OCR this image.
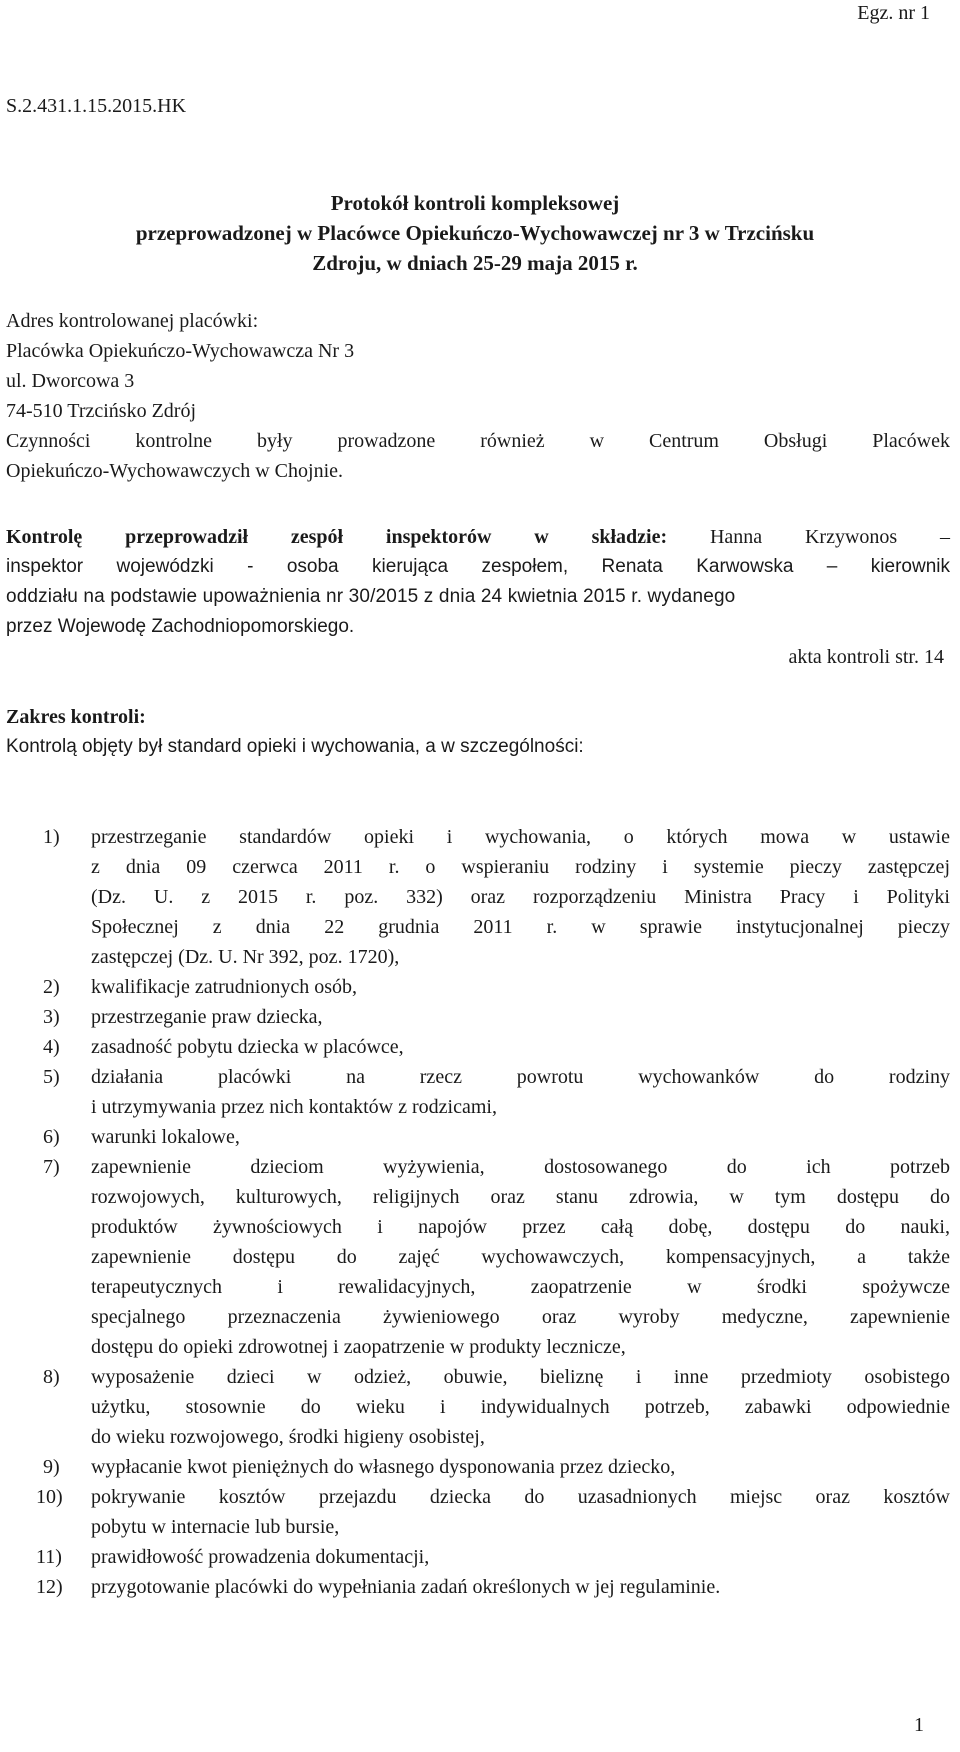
Egz. nr 1
S.2.431.1.15.2015.HK
Protokół kontroli kompleksowej
przeprowadzonej w Placówce Opiekuńczo-Wychowawczej nr 3 w Trzcińsku
Zdroju, w dniach 25-29 maja 2015 r.
Adres kontrolowanej placówki:
Placówka Opiekuńczo-Wychowawcza Nr 3
ul. Dworcowa 3
74-510 Trzcińsko Zdrój
Czynności kontrolne były prowadzone również w Centrum Obsługi Placówek
Opiekuńczo-Wychowawczych w Chojnie.
Kontrolę przeprowadził zespół inspektorów w składzie: Hanna Krzywonos –
inspektor wojewódzki - osoba kierująca zespołem, Renata Karwowska – kierownik
oddziału na podstawie upoważnienia nr 30/2015 z dnia 24 kwietnia 2015 r. wydanego
przez Wojewodę Zachodniopomorskiego.
akta kontroli str. 14
Zakres kontroli:
Kontrolą objęty był standard opieki i wychowania, a w szczególności:
1)	przestrzeganie standardów opieki i wychowania, o których mowa w ustawie
z dnia 09 czerwca 2011 r. o wspieraniu rodziny i systemie pieczy zastępczej
(Dz. U. z 2015 r. poz. 332) oraz rozporządzeniu Ministra Pracy i Polityki
Społecznej z dnia 22 grudnia 2011 r. w sprawie instytucjonalnej pieczy
zastępczej (Dz. U. Nr 392, poz. 1720),
2)	kwalifikacje zatrudnionych osób,
3)	przestrzeganie praw dziecka,
4)	zasadność pobytu dziecka w placówce,
5)	działania placówki na rzecz powrotu wychowanków do rodziny
i utrzymywania przez nich kontaktów z rodzicami,
6)	warunki lokalowe,
7)	zapewnienie dzieciom wyżywienia, dostosowanego do ich potrzeb
rozwojowych, kulturowych, religijnych oraz stanu zdrowia, w tym dostępu do
produktów żywnościowych i napojów przez całą dobę, dostępu do nauki,
zapewnienie dostępu do zajęć wychowawczych, kompensacyjnych, a także
terapeutycznych i rewalidacyjnych, zaopatrzenie w środki spożywcze
specjalnego przeznaczenia żywieniowego oraz wyroby medyczne, zapewnienie
dostępu do opieki zdrowotnej i zaopatrzenie w produkty lecznicze,
8)	wyposażenie dzieci w odzież, obuwie, bieliznę i inne przedmioty osobistego
użytku, stosownie do wieku i indywidualnych potrzeb, zabawki odpowiednie
do wieku rozwojowego, środki higieny osobistej,
9)	wypłacanie kwot pieniężnych do własnego dysponowania przez dziecko,
10)	pokrywanie kosztów przejazdu dziecka do uzasadnionych miejsc oraz kosztów
pobytu w internacie lub bursie,
11)	prawidłowość prowadzenia dokumentacji,
12)	przygotowanie placówki do wypełniania zadań określonych w jej regulaminie.
1
